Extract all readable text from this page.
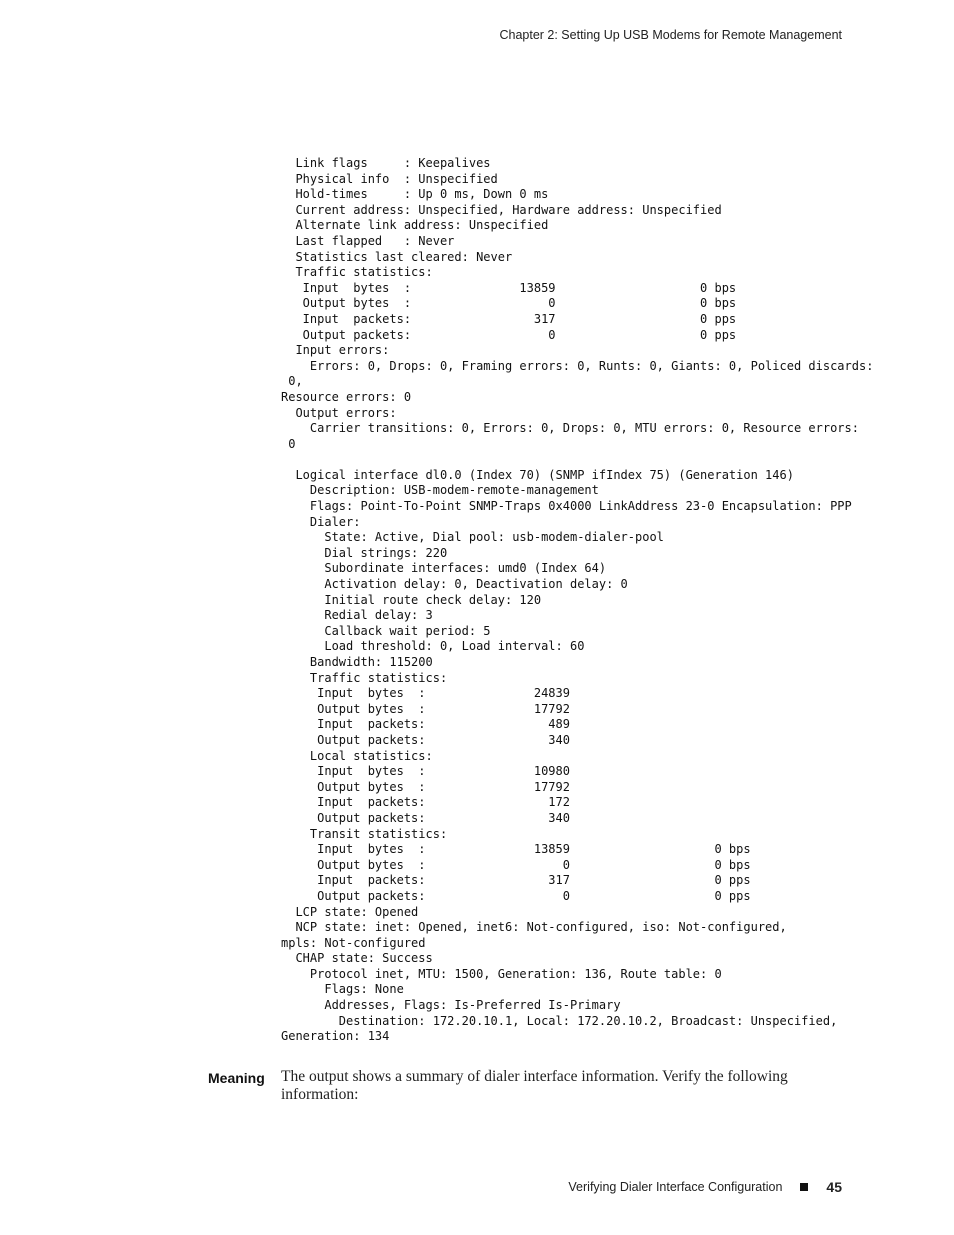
Chapter 2: Setting Up USB Modems for Remote Management
Link flags     : Keepalives
Physical info  : Unspecified
Hold-times     : Up 0 ms, Down 0 ms
Current address: Unspecified, Hardware address: Unspecified
Alternate link address: Unspecified
Last flapped   : Never
Statistics last cleared: Never
Traffic statistics:
Input  bytes  :               13859                    0 bps
Output bytes  :                   0                    0 bps
Input  packets:                 317                    0 pps
Output packets:                   0                    0 pps
Input errors:
Errors: 0, Drops: 0, Framing errors: 0, Runts: 0, Giants: 0, Policed discards:
0,
Resource errors: 0
Output errors:
Carrier transitions: 0, Errors: 0, Drops: 0, MTU errors: 0, Resource errors:
0

Logical interface dl0.0 (Index 70) (SNMP ifIndex 75) (Generation 146)
Description: USB-modem-remote-management
Flags: Point-To-Point SNMP-Traps 0x4000 LinkAddress 23-0 Encapsulation: PPP
Dialer:
State: Active, Dial pool: usb-modem-dialer-pool
Dial strings: 220
Subordinate interfaces: umd0 (Index 64)
Activation delay: 0, Deactivation delay: 0
Initial route check delay: 120
Redial delay: 3
Callback wait period: 5
Load threshold: 0, Load interval: 60
Bandwidth: 115200
Traffic statistics:
Input  bytes  :               24839
Output bytes  :               17792
Input  packets:                 489
Output packets:                 340
Local statistics:
Input  bytes  :               10980
Output bytes  :               17792
Input  packets:                 172
Output packets:                 340
Transit statistics:
Input  bytes  :               13859                    0 bps
Output bytes  :                   0                    0 bps
Input  packets:                 317                    0 pps
Output packets:                   0                    0 pps
LCP state: Opened
NCP state: inet: Opened, inet6: Not-configured, iso: Not-configured,
mpls: Not-configured
CHAP state: Success
Protocol inet, MTU: 1500, Generation: 136, Route table: 0
Flags: None
Addresses, Flags: Is-Preferred Is-Primary
Destination: 172.20.10.1, Local: 172.20.10.2, Broadcast: Unspecified,
Generation: 134
Meaning The output shows a summary of dialer interface information. Verify the following information:
Verifying Dialer Interface Configuration	45
